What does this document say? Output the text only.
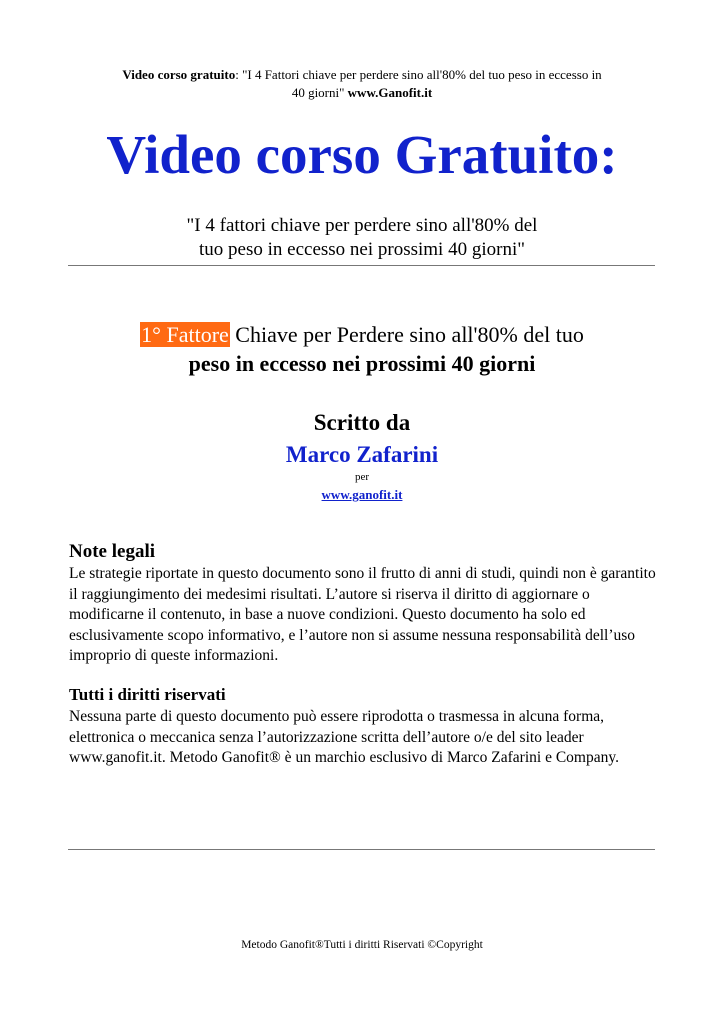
Video corso gratuito: "I 4 Fattori chiave per perdere sino all'80% del tuo peso in eccesso in 40 giorni" www.Ganofit.it
Video corso Gratuito:
"I 4 fattori chiave per perdere sino all'80% del
tuo peso in eccesso nei prossimi 40 giorni"
1° Fattore Chiave per Perdere sino all'80% del tuo
peso in eccesso nei prossimi 40 giorni
Scritto da
Marco Zafarini
per
www.ganofit.it
Note legali

Le strategie riportate in questo documento sono il frutto di anni di studi, quindi non è garantito il raggiungimento dei medesimi risultati. L’autore si riserva il diritto di aggiornare o modificarne il contenuto, in base a nuove condizioni. Questo documento ha solo ed esclusivamente scopo informativo, e l’autore non si assume nessuna responsabilità dell’uso improprio di queste informazioni.

Tutti i diritti riservati

Nessuna parte di questo documento può essere riprodotta o trasmessa in alcuna forma, elettronica o meccanica senza l’autorizzazione scritta dell’autore o/e del sito leader www.ganofit.it. Metodo Ganofit® è un marchio esclusivo di Marco Zafarini e Company.

Metodo Ganofit®Tutti i diritti Riservati ©Copyright
